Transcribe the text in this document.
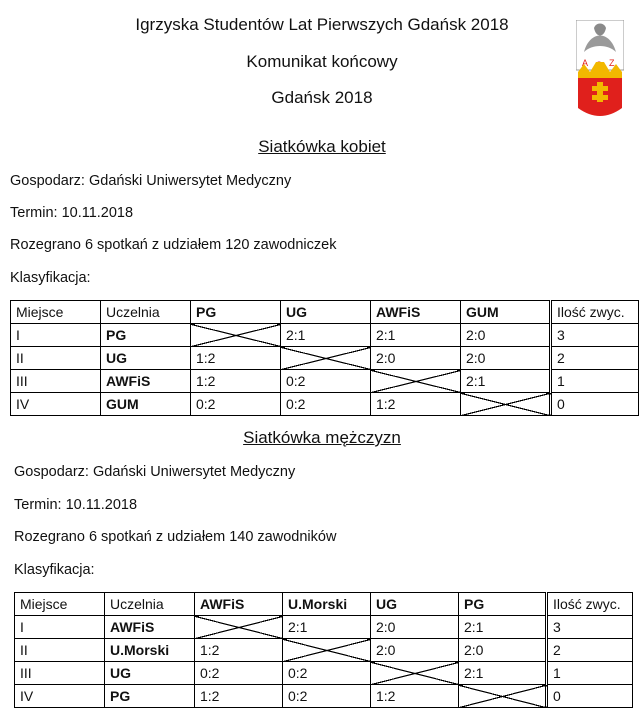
Igrzyska Studentów Lat Pierwszych Gdańsk 2018
Komunikat końcowy
Gdańsk 2018
A Z
Siatkówka kobiet
Gospodarz: Gdański Uniwersytet Medyczny
Termin: 10.11.2018
Rozegrano 6 spotkań z udziałem 120 zawodniczek
Klasyfikacja:
Miejsce	Uczelnia	PG	UG	AWFiS	GUM	Ilość zwyc.
I	PG		2:1	2:1	2:0	3
II	UG	1:2		2:0	2:0	2
III	AWFiS	1:2	0:2		2:1	1
IV	GUM	0:2	0:2	1:2		0
Siatkówka mężczyzn
Gospodarz: Gdański Uniwersytet Medyczny
Termin: 10.11.2018
Rozegrano 6 spotkań z udziałem 140 zawodników
Klasyfikacja:
Miejsce	Uczelnia	AWFiS	U.Morski	UG	PG	Ilość zwyc.
I	AWFiS		2:1	2:0	2:1	3
II	U.Morski	1:2		2:0	2:0	2
III	UG	0:2	0:2		2:1	1
IV	PG	1:2	0:2	1:2		0
